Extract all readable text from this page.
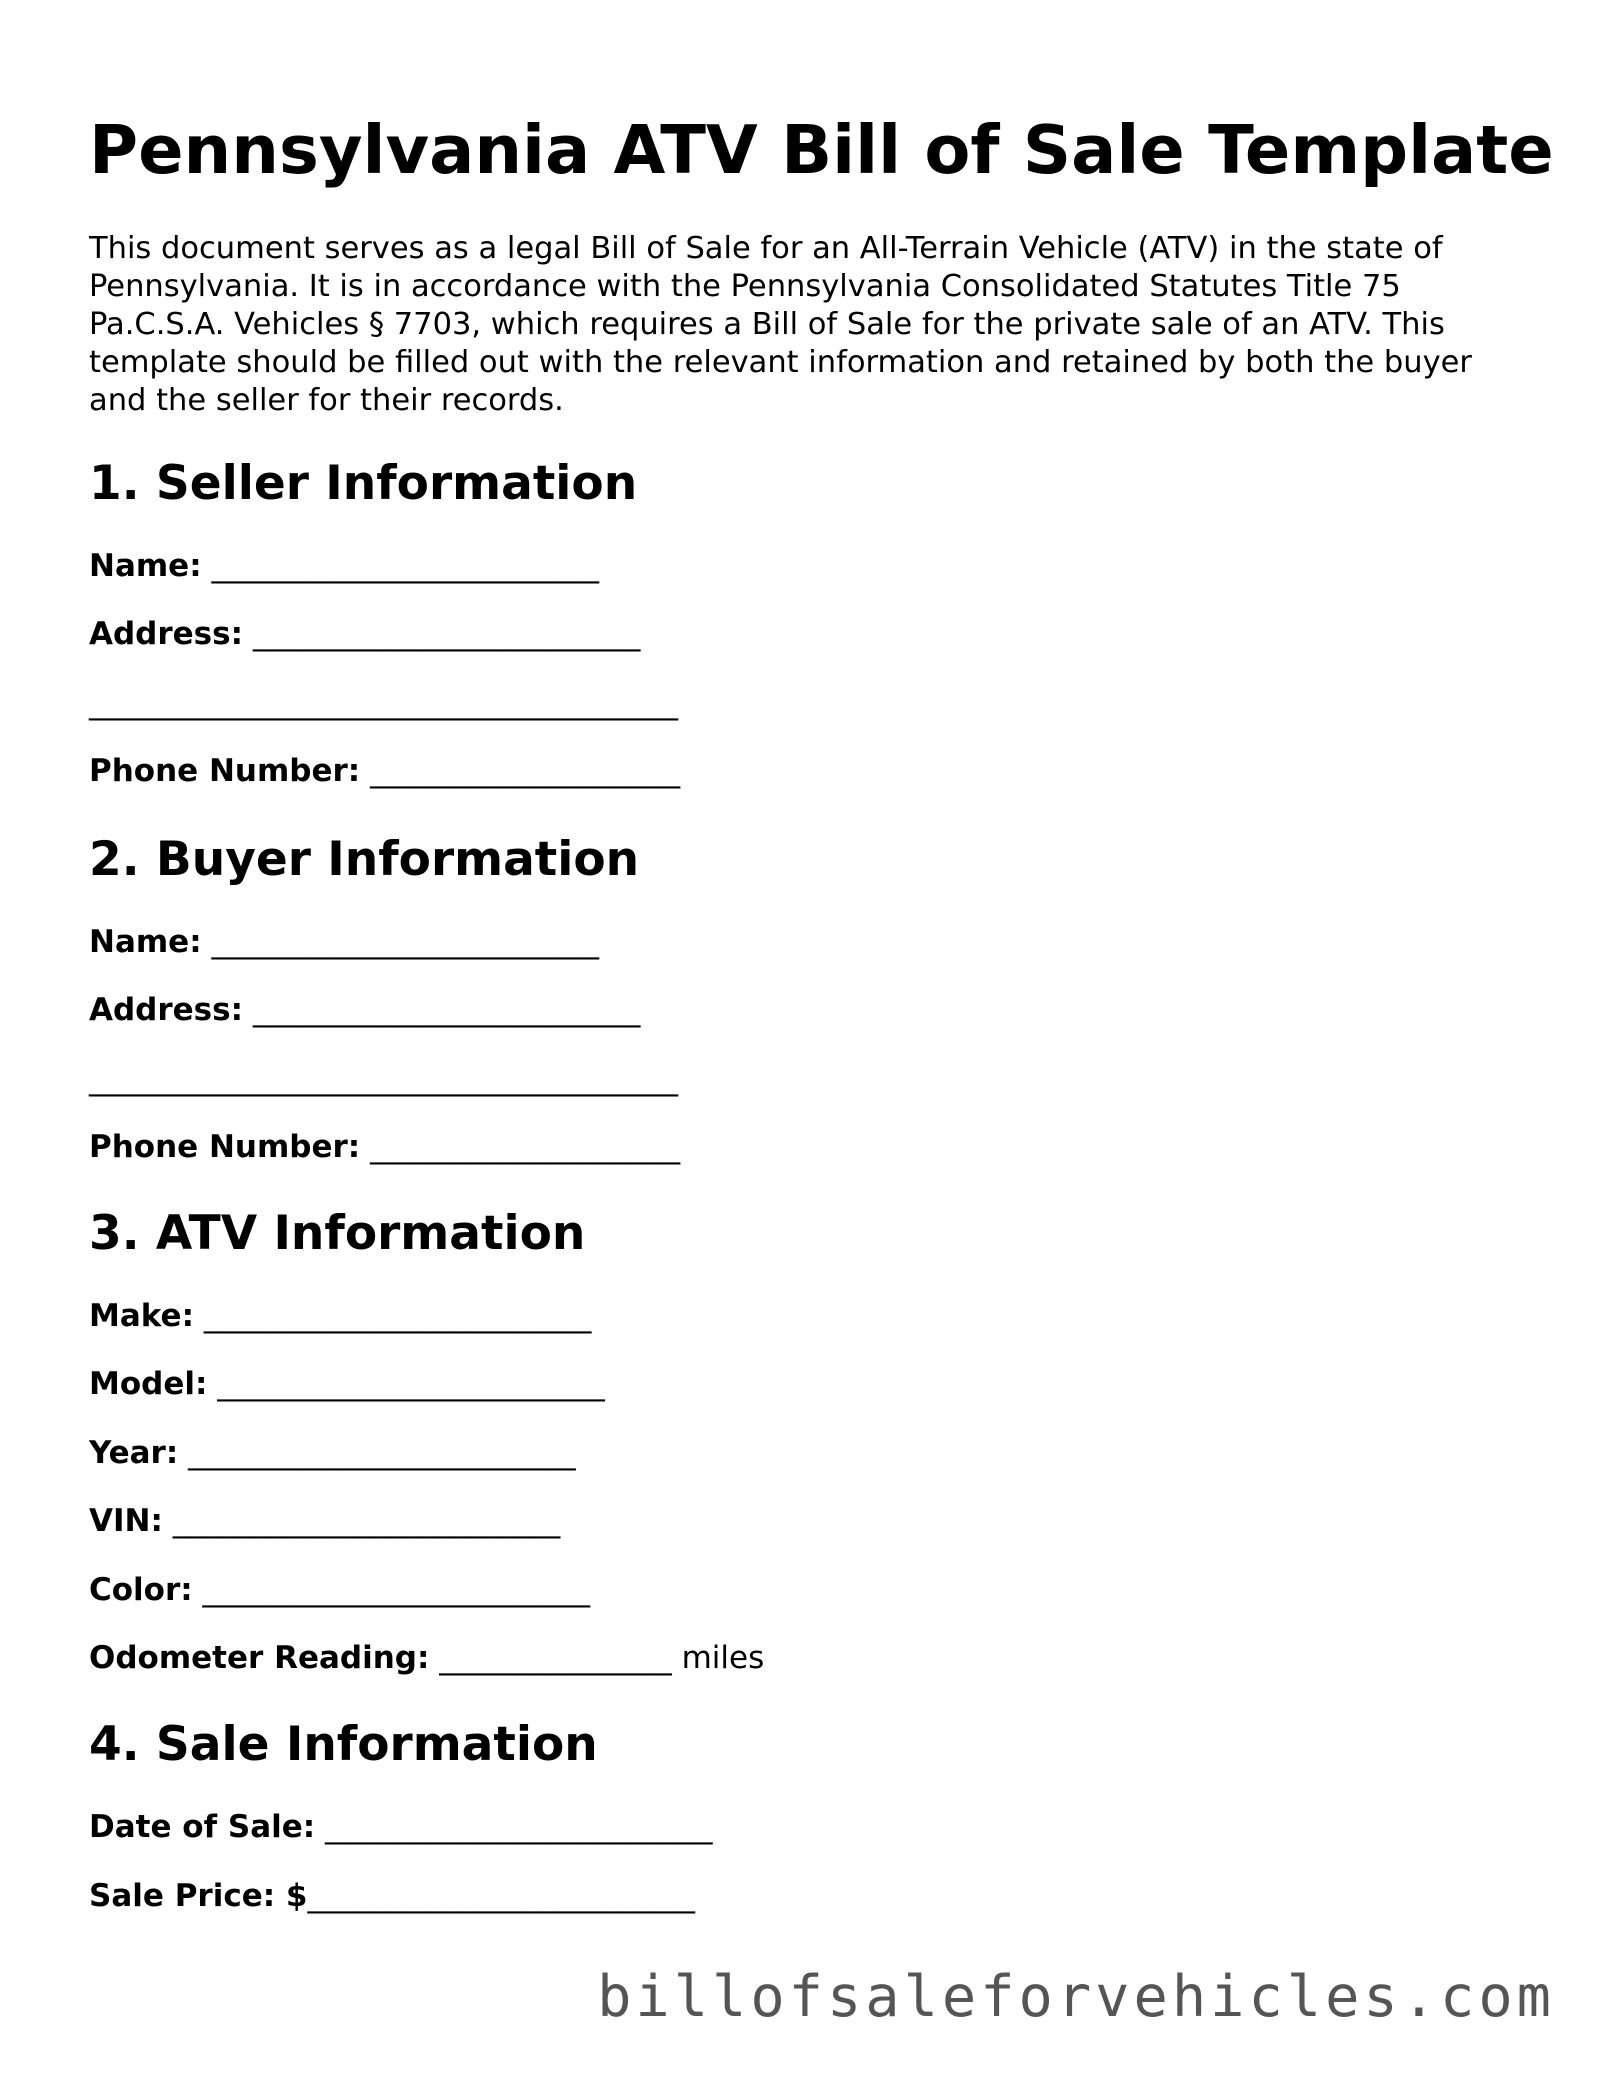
Pennsylvania ATV Bill of Sale Template

This document serves as a legal Bill of Sale for an All-Terrain Vehicle (ATV) in the state of Pennsylvania. It is in accordance with the Pennsylvania Consolidated Statutes Title 75 Pa.C.S.A. Vehicles § 7703, which requires a Bill of Sale for the private sale of an ATV. This template should be filled out with the relevant information and retained by both the buyer and the seller for their records.

1. Seller Information
Name: _________________________
Address: _________________________
______________________________________
Phone Number: ____________________
2. Buyer Information
Name: _________________________
Address: _________________________
______________________________________
Phone Number: ____________________
3. ATV Information
Make: _________________________
Model: _________________________
Year: _________________________
VIN: _________________________
Color: _________________________
Odometer Reading: _______________ miles
4. Sale Information
Date of Sale: _________________________
Sale Price: $_________________________
billofsaleforvehicles.com
